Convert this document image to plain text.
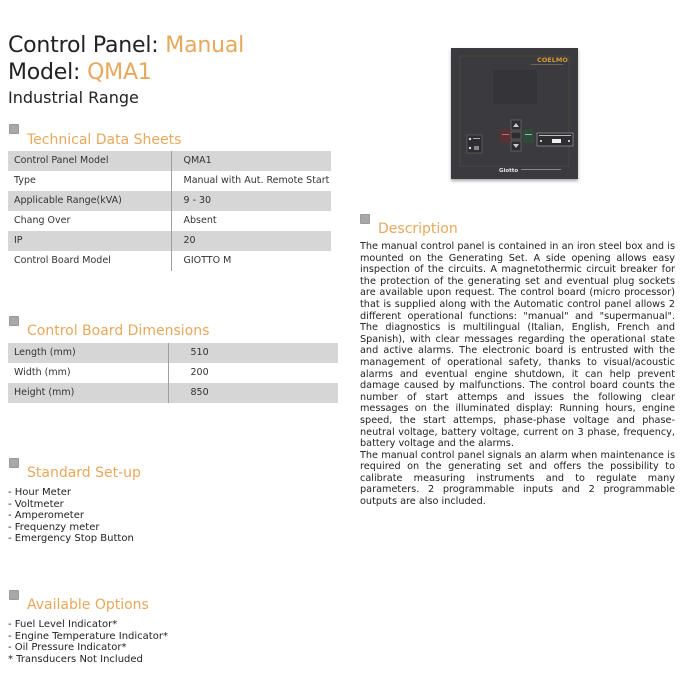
Control Panel: Manual
Model: QMA1
Industrial Range
Technical Data Sheets
Control Panel Model	QMA1
Type	Manual with Aut. Remote Start
Applicable Range(kVA)	9 - 30
Chang Over	Absent
IP	20
Control Board Model	GIOTTO M
Control Board Dimensions
Length (mm)	510
Width (mm)	200
Height (mm)	850
Standard Set-up
- Hour Meter
- Voltmeter
- Amperometer
- Frequenzy meter
- Emergency Stop Button
Available Options
- Fuel Level Indicator*
- Engine Temperature Indicator*
- Oil Pressure Indicator*
* Transducers Not Included
COELMO
Giotto
Description

The manual control panel is contained in an iron steel box and is mounted on the Generating Set. A side opening allows easy inspection of the circuits. A magnetothermic circuit breaker for the protection of the generating set and eventual plug sockets are available upon request. The control board (micro processor) that is supplied along with the Automatic control panel allows 2 different operational functions: "manual" and "supermanual". The diagnostics is multilingual (Italian, English, French and Spanish), with clear messages regarding the operational state and active alarms. The electronic board is entrusted with the management of operational safety, thanks to visual/acoustic alarms and eventual engine shutdown, it can help prevent damage caused by malfunctions. The control board counts the number of start attemps and issues the following clear messages on the illuminated display: Running hours, engine speed, the start attemps, phase-phase voltage and phase-neutral voltage, battery voltage, current on 3 phase, frequency, battery voltage and the alarms.

The manual control panel signals an alarm when maintenance is required on the generating set and offers the possibility to calibrate measuring instruments and to regulate many parameters. 2 programmable inputs and 2 programmable outputs are also included.
